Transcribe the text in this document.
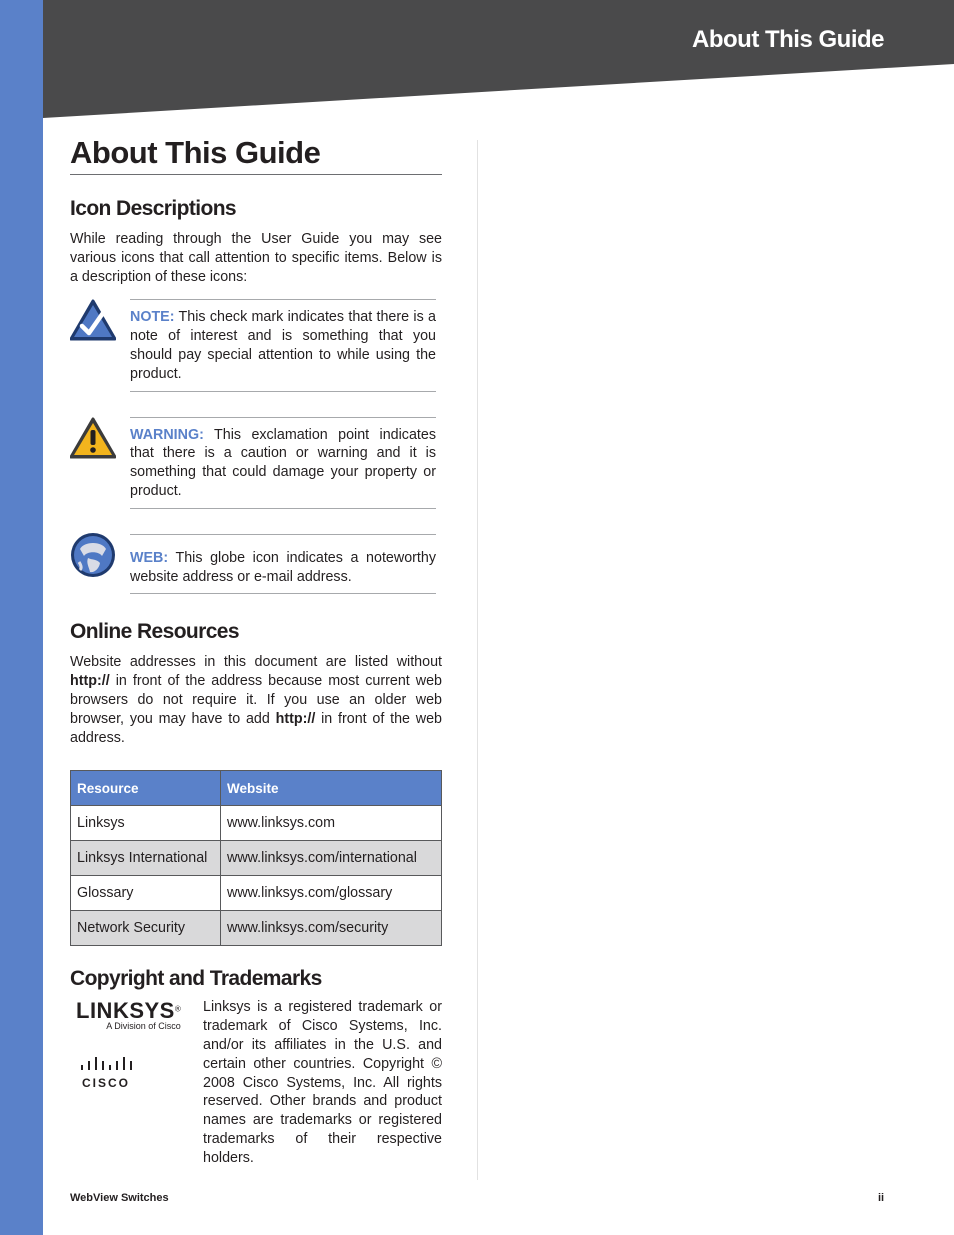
About This Guide
About This Guide
Icon Descriptions

While reading through the User Guide you may see various icons that call attention to specific items. Below is a description of these icons:

NOTE: This check mark indicates that there is a note of interest and is something that you should pay special attention to while using the product.
WARNING: This exclamation point indicates that there is a caution or warning and it is something that could damage your property or product.
WEB: This globe icon indicates a noteworthy website address or e-mail address.
Online Resources

Website addresses in this document are listed without http:// in front of the address because most current web browsers do not require it. If you use an older web browser, you may have to add http:// in front of the web address.

Resource	Website
Linksys	www.linksys.com
Linksys International	www.linksys.com/international
Glossary	www.linksys.com/glossary
Network Security	www.linksys.com/security
Copyright and Trademarks
LINKSYS®
A Division of Cisco
CISCO

Linksys is a registered trademark or trademark of Cisco Systems, Inc. and/or its affiliates in the U.S. and certain other countries. Copyright © 2008 Cisco Systems, Inc. All rights reserved. Other brands and product names are trademarks or registered trademarks of their respective holders.

WebView Switches	ii
